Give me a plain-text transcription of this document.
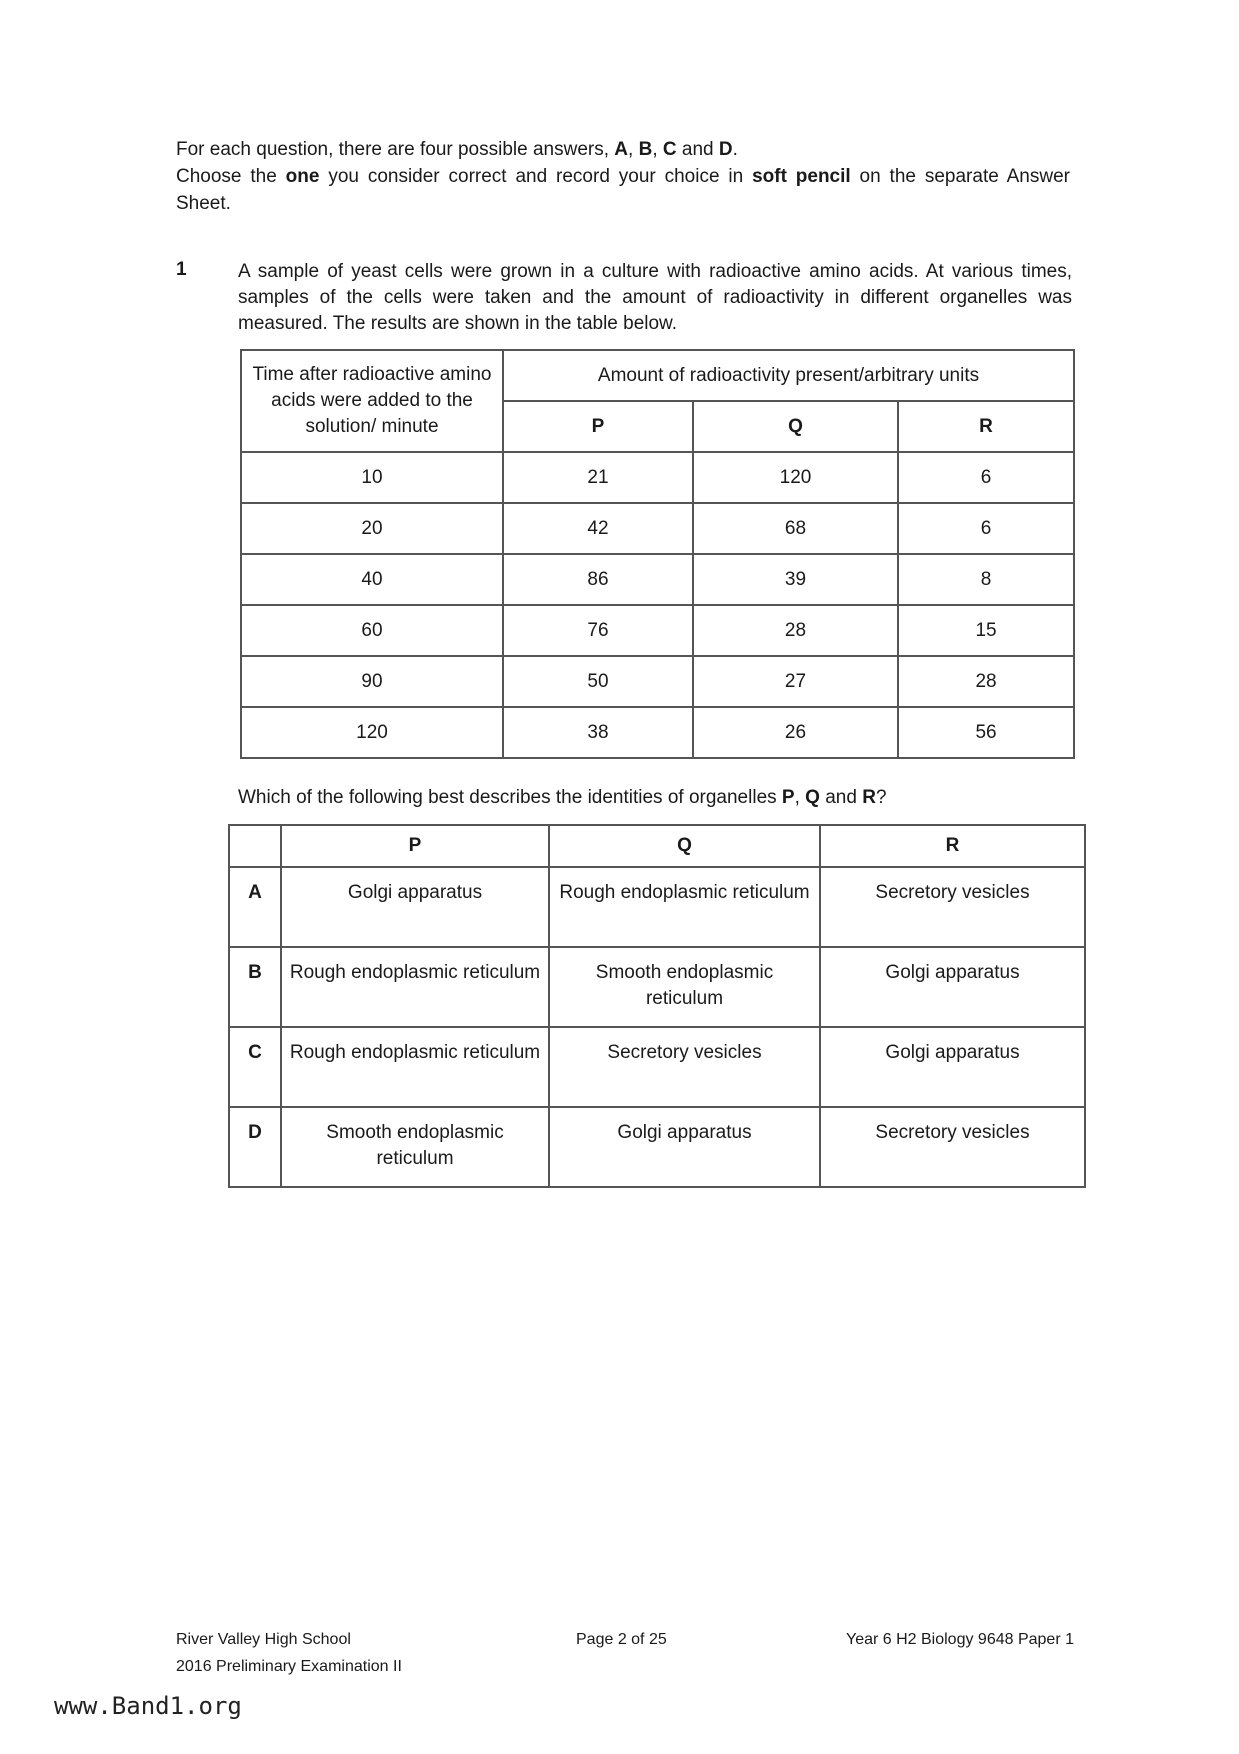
For each question, there are four possible answers, A, B, C and D.

Choose the one you consider correct and record your choice in soft pencil on the separate Answer Sheet.

1	A sample of yeast cells were grown in a culture with radioactive amino acids. At various times, samples of the cells were taken and the amount of radioactivity in different organelles was measured. The results are shown in the table below.
Time after radioactive amino acids were added to the solution/ minute	Amount of radioactivity present/arbitrary units		
	P	Q	R
10	21	120	6
20	42	68	6
40	86	39	8
60	76	28	15
90	50	27	28
120	38	26	56
Which of the following best describes the identities of organelles P, Q and R?
	P	Q	R
A	Golgi apparatus	Rough endoplasmic reticulum	Secretory vesicles
B	Rough endoplasmic reticulum	Smooth endoplasmic reticulum	Golgi apparatus
C	Rough endoplasmic reticulum	Secretory vesicles	Golgi apparatus
D	Smooth endoplasmic reticulum	Golgi apparatus	Secretory vesicles
River Valley High School
2016 Preliminary Examination II
Page 2 of 25	Year 6 H2 Biology 9648 Paper 1
www.Band1.org
